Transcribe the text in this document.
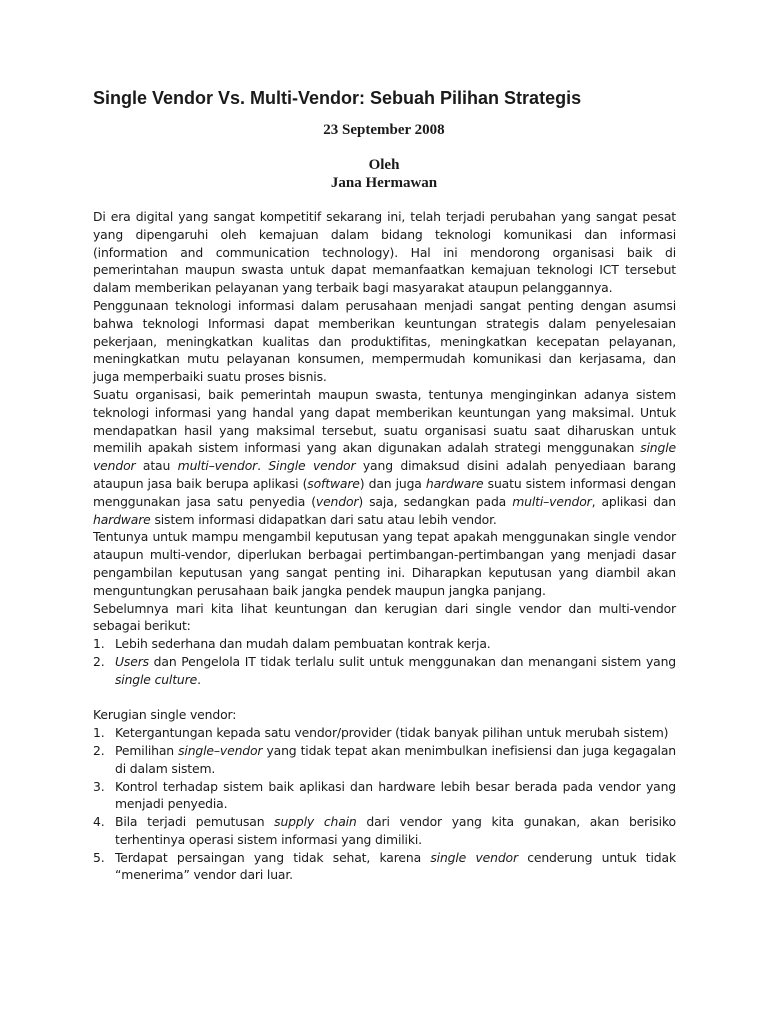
Single Vendor Vs. Multi-Vendor: Sebuah Pilihan Strategis
23 September 2008
Oleh
Jana Hermawan

Di era digital yang sangat kompetitif sekarang ini, telah terjadi perubahan yang sangat pesat yang dipengaruhi oleh kemajuan dalam bidang teknologi komunikasi dan informasi (information and communication technology). Hal ini mendorong organisasi baik di pemerintahan maupun swasta untuk dapat memanfaatkan kemajuan teknologi ICT tersebut dalam memberikan pelayanan yang terbaik bagi masyarakat ataupun pelanggannya.

Penggunaan teknologi informasi dalam perusahaan menjadi sangat penting dengan asumsi bahwa teknologi Informasi dapat memberikan keuntungan strategis dalam penyelesaian pekerjaan, meningkatkan kualitas dan produktifitas, meningkatkan kecepatan pelayanan, meningkatkan mutu pelayanan konsumen, mempermudah komunikasi dan kerjasama, dan juga memperbaiki suatu proses bisnis.

Suatu organisasi, baik pemerintah maupun swasta, tentunya menginginkan adanya sistem teknologi informasi yang handal yang dapat memberikan keuntungan yang maksimal. Untuk mendapatkan hasil yang maksimal tersebut, suatu organisasi suatu saat diharuskan untuk memilih apakah sistem informasi yang akan digunakan adalah strategi menggunakan single vendor atau multi–vendor. Single vendor yang dimaksud disini adalah penyediaan barang ataupun jasa baik berupa aplikasi (software) dan juga hardware suatu sistem informasi dengan menggunakan jasa satu penyedia (vendor) saja, sedangkan pada multi–vendor, aplikasi dan hardware sistem informasi didapatkan dari satu atau lebih vendor.

Tentunya untuk mampu mengambil keputusan yang tepat apakah menggunakan single vendor ataupun multi-vendor, diperlukan berbagai pertimbangan-pertimbangan yang menjadi dasar pengambilan keputusan yang sangat penting ini. Diharapkan keputusan yang diambil akan menguntungkan perusahaan baik jangka pendek maupun jangka panjang.

Sebelumnya mari kita lihat keuntungan dan kerugian dari single vendor dan multi-vendor sebagai berikut:

1. Lebih sederhana dan mudah dalam pembuatan kontrak kerja.
2. Users dan Pengelola IT tidak terlalu sulit untuk menggunakan dan menangani sistem yang single culture.

Kerugian single vendor:

1. Ketergantungan kepada satu vendor/provider (tidak banyak pilihan untuk merubah sistem)
2. Pemilihan single–vendor yang tidak tepat akan menimbulkan inefisiensi dan juga kegagalan di dalam sistem.
3. Kontrol terhadap sistem baik aplikasi dan hardware lebih besar berada pada vendor yang menjadi penyedia.
4. Bila terjadi pemutusan supply chain dari vendor yang kita gunakan, akan berisiko terhentinya operasi sistem informasi yang dimiliki.
5. Terdapat persaingan yang tidak sehat, karena single vendor cenderung untuk tidak “menerima” vendor dari luar.
